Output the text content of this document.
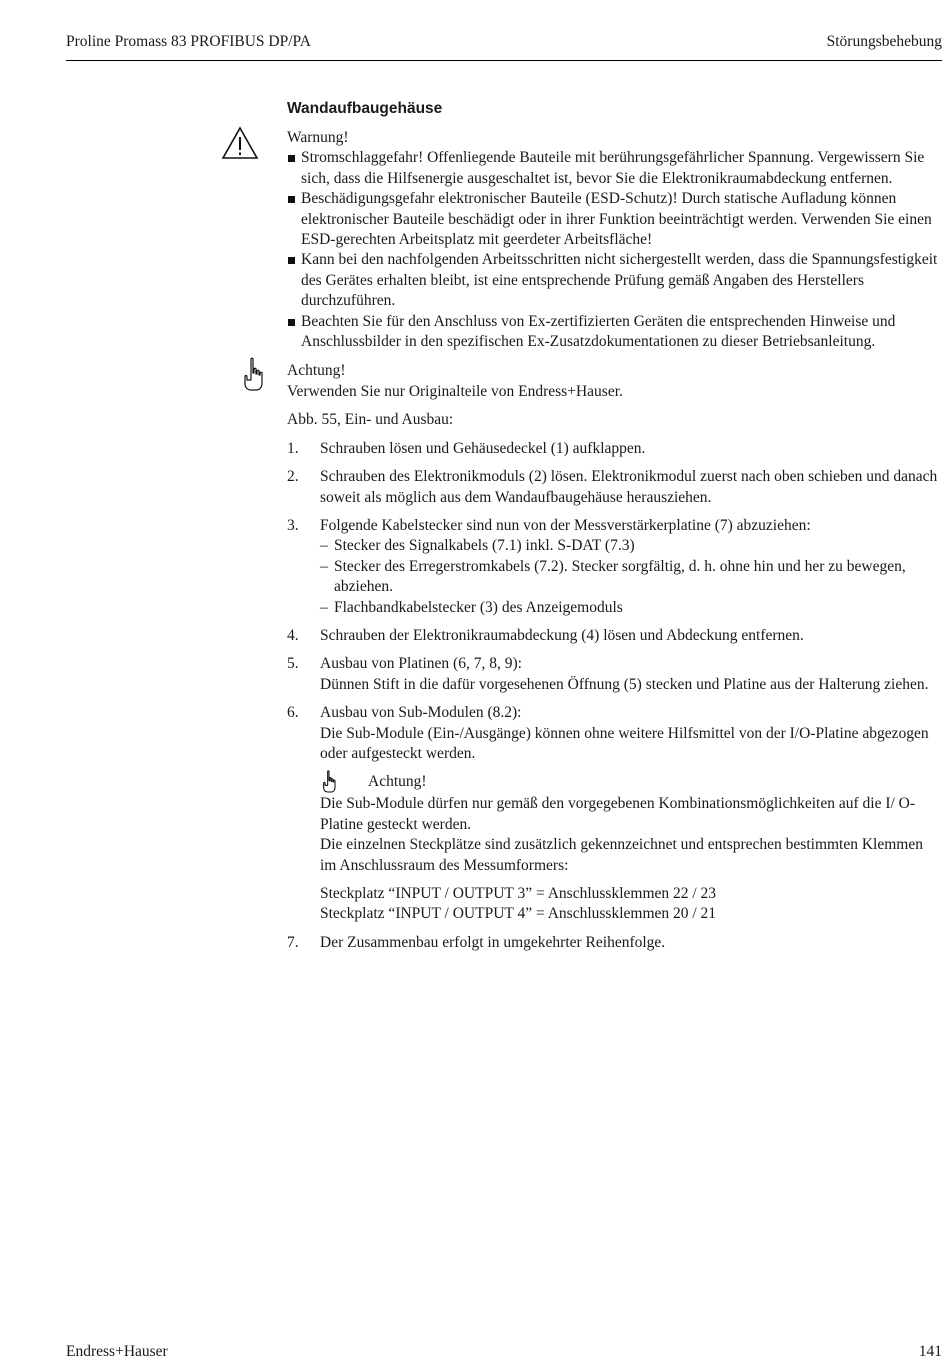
Proline Promass 83 PROFIBUS DP/PA	Störungsbehebung
Wandaufbaugehäuse

Warnung!

Stromschlaggefahr! Offenliegende Bauteile mit berührungsgefährlicher Spannung. Vergewissern Sie sich, dass die Hilfsenergie ausgeschaltet ist, bevor Sie die Elektronikraumabdeckung entfernen.
Beschädigungsgefahr elektronischer Bauteile (ESD-Schutz)! Durch statische Aufladung können elektronischer Bauteile beschädigt oder in ihrer Funktion beeinträchtigt werden. Verwenden Sie einen ESD-gerechten Arbeitsplatz mit geerdeter Arbeitsfläche!
Kann bei den nachfolgenden Arbeitsschritten nicht sichergestellt werden, dass die Spannungsfestigkeit des Gerätes erhalten bleibt, ist eine entsprechende Prüfung gemäß Angaben des Herstellers durchzuführen.
Beachten Sie für den Anschluss von Ex-zertifizierten Geräten die entsprechenden Hinweise und Anschlussbilder in den spezifischen Ex-Zusatzdokumentationen zu dieser Betriebsanleitung.

Achtung!

Verwenden Sie nur Originalteile von Endress+Hauser.

Abb. 55, Ein- und Ausbau:

1. Schrauben lösen und Gehäusedeckel (1) aufklappen.
2. Schrauben des Elektronikmoduls (2) lösen. Elektronikmodul zuerst nach oben schieben und danach soweit als möglich aus dem Wandaufbaugehäuse herausziehen.
3. Folgende Kabelstecker sind nun von der Messverstärkerplatine (7) abzuziehen:
– Stecker des Signalkabels (7.1) inkl. S-DAT (7.3)
– Stecker des Erregerstromkabels (7.2). Stecker sorgfältig, d. h. ohne hin und her zu bewegen, abziehen.
– Flachbandkabelstecker (3) des Anzeigemoduls
4. Schrauben der Elektronikraumabdeckung (4) lösen und Abdeckung entfernen.
5. Ausbau von Platinen (6, 7, 8, 9):
Dünnen Stift in die dafür vorgesehenen Öffnung (5) stecken und Platine aus der Halterung ziehen.
6. Ausbau von Sub-Modulen (8.2):
Die Sub-Module (Ein-/Ausgänge) können ohne weitere Hilfsmittel von der I/O-Platine abgezogen oder aufgesteckt werden.
Achtung!
Die Sub-Module dürfen nur gemäß den vorgegebenen Kombinationsmöglichkeiten auf die I/ O-Platine gesteckt werden.
Die einzelnen Steckplätze sind zusätzlich gekennzeichnet und entsprechen bestimmten Klemmen im Anschlussraum des Messumformers:
Steckplatz “INPUT / OUTPUT 3” = Anschlussklemmen 22 / 23
Steckplatz “INPUT / OUTPUT 4” = Anschlussklemmen 20 / 21
7. Der Zusammenbau erfolgt in umgekehrter Reihenfolge.
Endress+Hauser	141
